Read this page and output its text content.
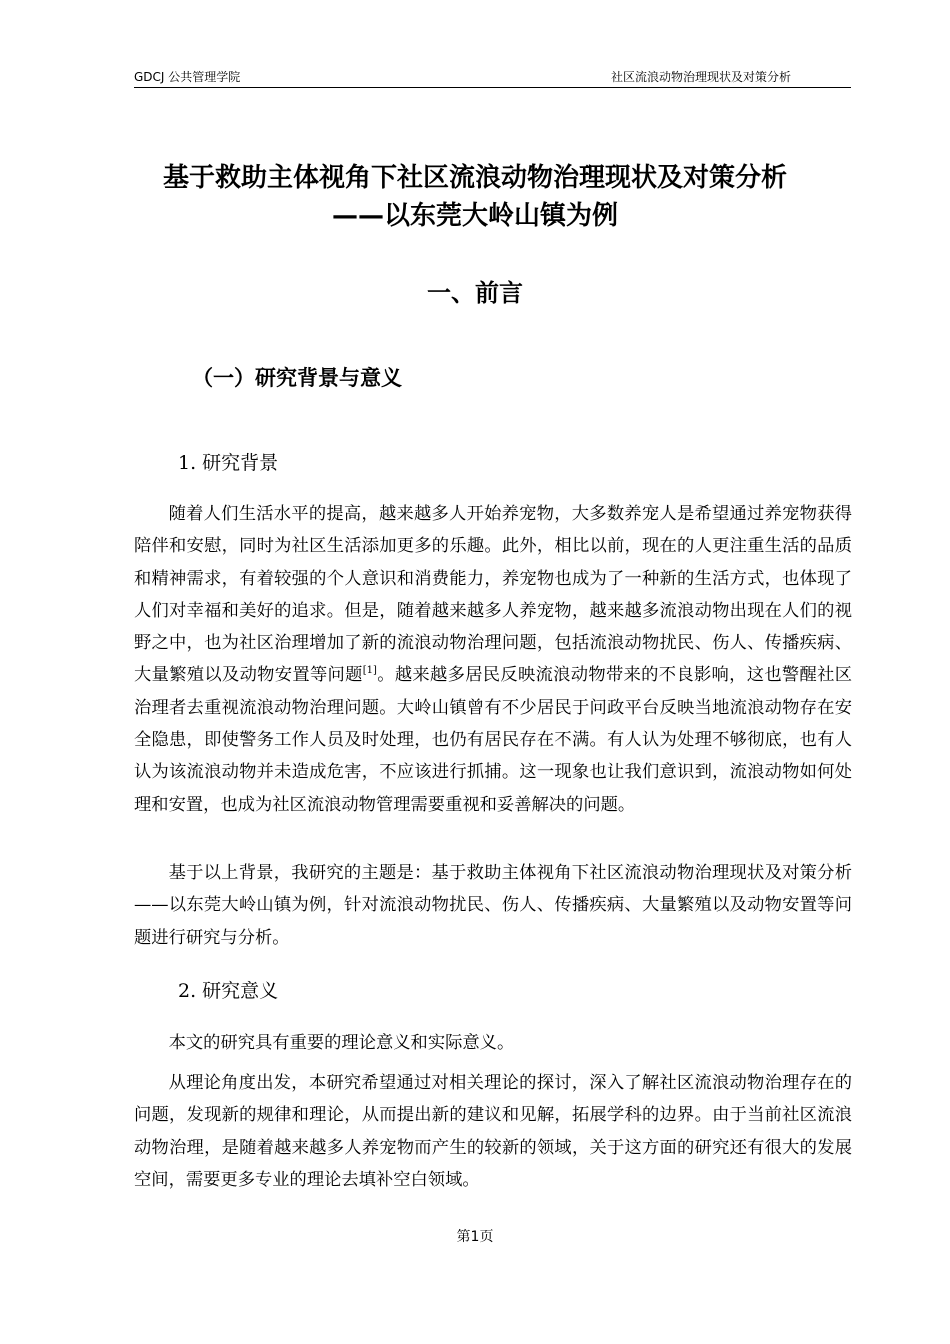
GDCJ 公共管理学院	社区流浪动物治理现状及对策分析
基于救助主体视角下社区流浪动物治理现状及对策分析
——以东莞大岭山镇为例
一、前言
（一）研究背景与意义
1. 研究背景

随着人们生活水平的提高，越来越多人开始养宠物，大多数养宠人是希望通过养宠物获得陪伴和安慰，同时为社区生活添加更多的乐趣。此外，相比以前，现在的人更注重生活的品质和精神需求，有着较强的个人意识和消费能力，养宠物也成为了一种新的生活方式，也体现了人们对幸福和美好的追求。但是，随着越来越多人养宠物，越来越多流浪动物出现在人们的视野之中，也为社区治理增加了新的流浪动物治理问题，包括流浪动物扰民、伤人、传播疾病、大量繁殖以及动物安置等问题[1]。越来越多居民反映流浪动物带来的不良影响，这也警醒社区治理者去重视流浪动物治理问题。大岭山镇曾有不少居民于问政平台反映当地流浪动物存在安全隐患，即使警务工作人员及时处理，也仍有居民存在不满。有人认为处理不够彻底，也有人认为该流浪动物并未造成危害，不应该进行抓捕。这一现象也让我们意识到，流浪动物如何处理和安置，也成为社区流浪动物管理需要重视和妥善解决的问题。

基于以上背景，我研究的主题是：基于救助主体视角下社区流浪动物治理现状及对策分析——以东莞大岭山镇为例，针对流浪动物扰民、伤人、传播疾病、大量繁殖以及动物安置等问题进行研究与分析。

2. 研究意义

本文的研究具有重要的理论意义和实际意义。

从理论角度出发，本研究希望通过对相关理论的探讨，深入了解社区流浪动物治理存在的问题，发现新的规律和理论，从而提出新的建议和见解，拓展学科的边界。由于当前社区流浪动物治理，是随着越来越多人养宠物而产生的较新的领域，关于这方面的研究还有很大的发展空间，需要更多专业的理论去填补空白领域。

第1页
